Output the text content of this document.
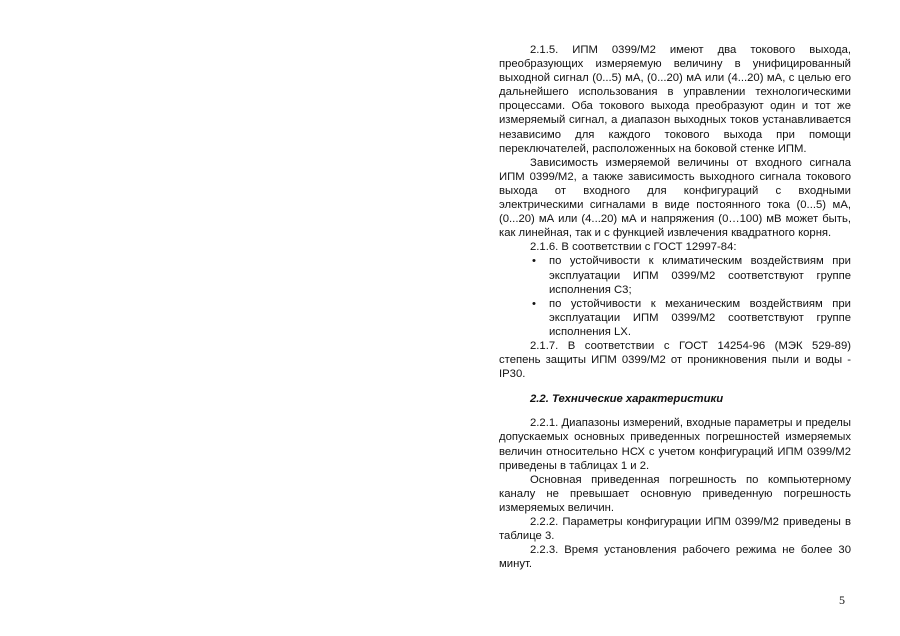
2.1.5. ИПМ 0399/М2 имеют два токового выхода, преобразующих измеряемую величину в унифицированный выходной сигнал (0...5) мА, (0...20) мА или (4...20) мА, с целью его дальнейшего использования в управлении технологическими процессами. Оба токового выхода преобразуют один и тот же измеряемый сигнал, а диапазон выходных токов устанавливается независимо для каждого токового выхода при помощи переключателей, расположенных на боковой стенке ИПМ.

Зависимость измеряемой величины от входного сигнала ИПМ 0399/М2, а также зависимость выходного сигнала токового выхода от входного для конфигураций с входными электрическими сигналами в виде постоянного тока (0...5) мА, (0...20) мА или (4...20) мА и напряжения (0…100) мВ может быть, как линейная, так и с функцией извлечения квадратного корня.

2.1.6. В соответствии с ГОСТ 12997-84:

• по устойчивости к климатическим воздействиям при эксплуатации ИПМ 0399/М2 соответствуют группе исполнения С3;
• по устойчивости к механическим воздействиям при эксплуатации ИПМ 0399/М2 соответствуют группе исполнения LX.

2.1.7. В соответствии с ГОСТ 14254-96 (МЭК 529-89) степень защиты ИПМ 0399/М2 от проникновения пыли и воды - IP30.

2.2. Технические характеристики

2.2.1. Диапазоны измерений, входные параметры и пределы допускаемых основных приведенных погрешностей измеряемых величин относительно НСХ с учетом конфигураций ИПМ 0399/М2 приведены в таблицах 1 и 2.

Основная приведенная погрешность по компьютерному каналу не превышает основную приведенную погрешность измеряемых величин.

2.2.2. Параметры конфигурации ИПМ 0399/М2 приведены в таблице 3.

2.2.3. Время установления рабочего режима не более 30 минут.

5
